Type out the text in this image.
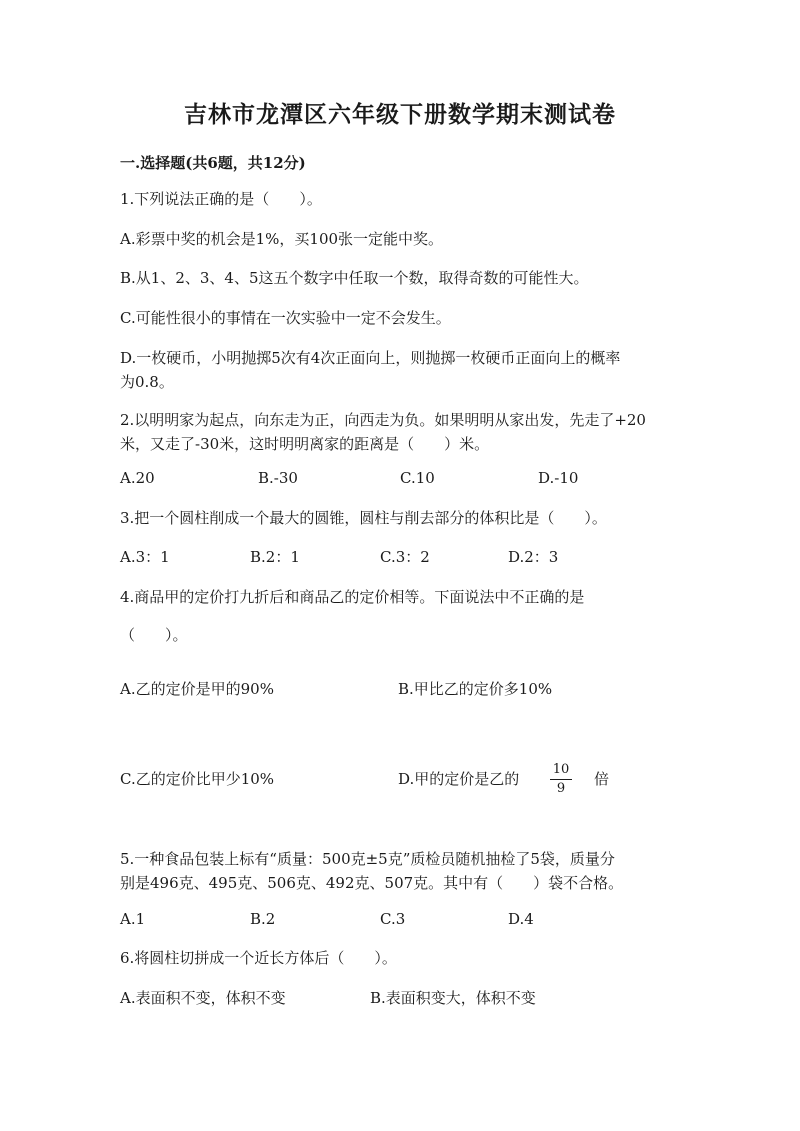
吉林市龙潭区六年级下册数学期末测试卷
一.选择题(共6题，共12分)
1.下列说法正确的是（　　）。
A.彩票中奖的机会是1%，买100张一定能中奖。
B.从1、2、3、4、5这五个数字中任取一个数，取得奇数的可能性大。
C.可能性很小的事情在一次实验中一定不会发生。
D.一枚硬币，小明抛掷5次有4次正面向上，则抛掷一枚硬币正面向上的概率
为0.8。
2.以明明家为起点，向东走为正，向西走为负。如果明明从家出发，先走了+20
米，又走了-30米，这时明明离家的距离是（　　）米。
A.20	B.-30	C.10	D.-10
3.把一个圆柱削成一个最大的圆锥，圆柱与削去部分的体积比是（　　）。
A.3：1	B.2：1	C.3：2	D.2：3
4.商品甲的定价打九折后和商品乙的定价相等。下面说法中不正确的是
（　　）。
A.乙的定价是甲的90%	B.甲比乙的定价多10%
C.乙的定价比甲少10%	D.甲的定价是乙的
10
9
倍
5.一种食品包装上标有“质量：500克±5克”质检员随机抽检了5袋，质量分
别是496克、495克、506克、492克、507克。其中有（　　）袋不合格。
A.1	B.2	C.3	D.4
6.将圆柱切拼成一个近长方体后（　　）。
A.表面积不变，体积不变	B.表面积变大，体积不变
